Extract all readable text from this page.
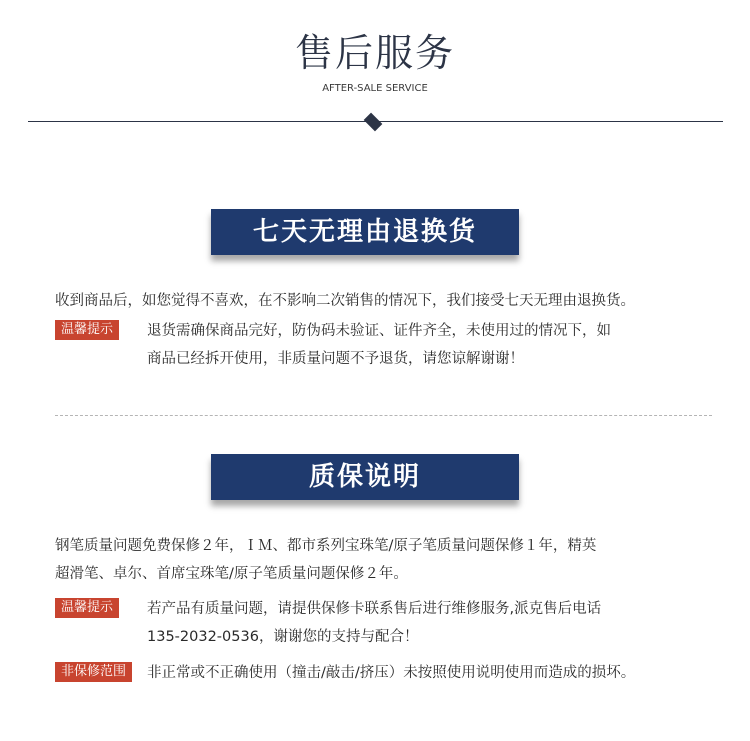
售后服务
AFTER-SALE SERVICE
七天无理由退换货
收到商品后，如您觉得不喜欢，在不影响二次销售的情况下，我们接受七天无理由退换货。
温馨提示	退货需确保商品完好，防伪码未验证、证件齐全，未使用过的情况下，如
商品已经拆开使用，非质量问题不予退货，请您谅解谢谢！
质保说明
钢笔质量问题免费保修２年，ＩＭ、都市系列宝珠笔/原子笔质量问题保修１年，精英
超滑笔、卓尔、首席宝珠笔/原子笔质量问题保修２年。
温馨提示	若产品有质量问题，请提供保修卡联系售后进行维修服务,派克售后电话
135-2032-0536，谢谢您的支持与配合！
非保修范围	非正常或不正确使用（撞击/敲击/挤压）未按照使用说明使用而造成的损坏。
